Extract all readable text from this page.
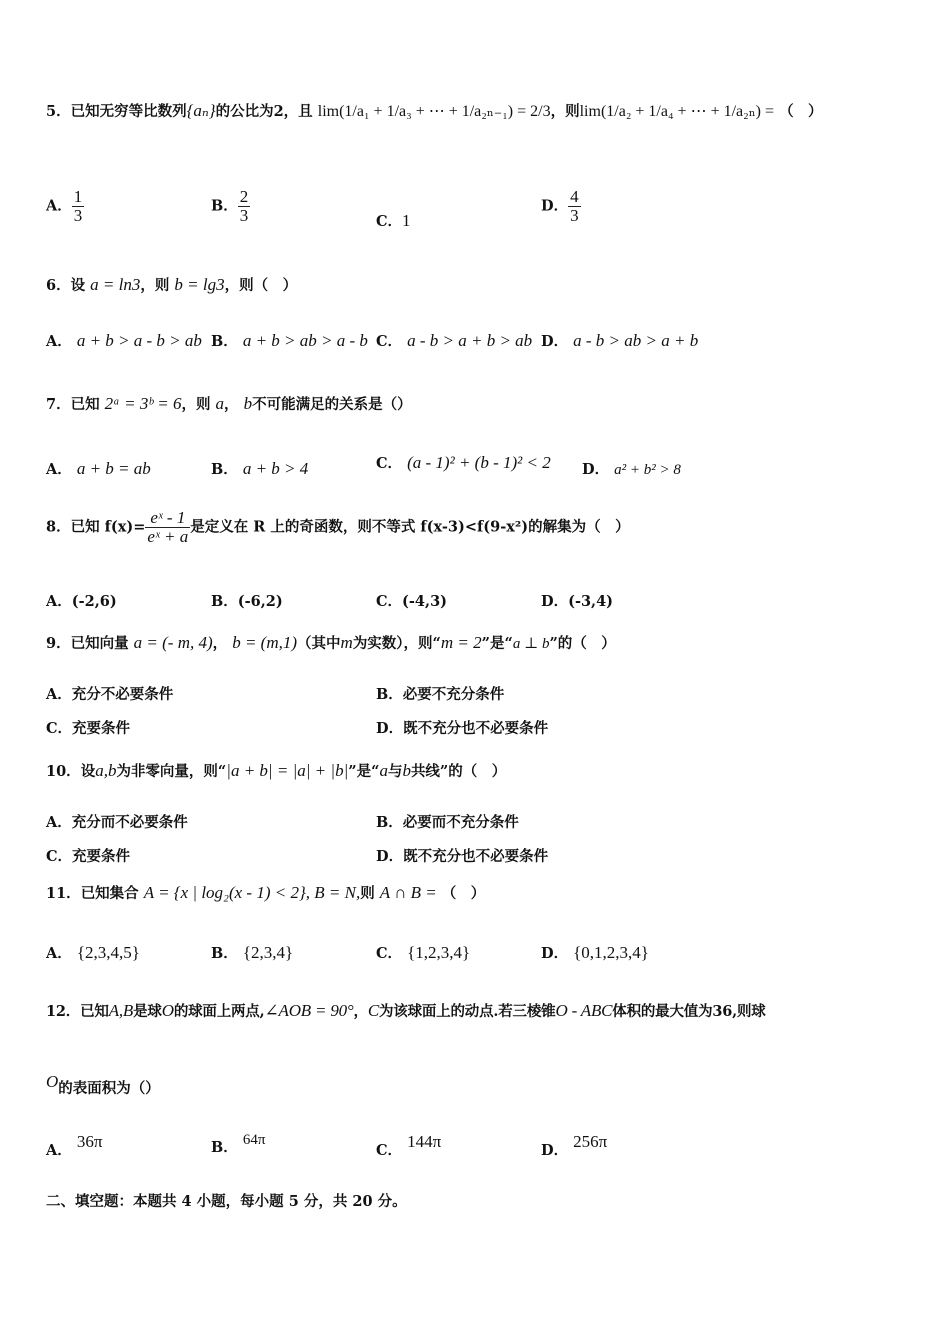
5．已知无穷等比数列{aₙ}的公比为2，且 lim(1/a₁ + 1/a₃ + ⋯ + 1/a₂ₙ₋₁) = 2/3，则lim(1/a₂ + 1/a₄ + ⋯ + 1/a₂ₙ) = （　）
A． $\frac{1}{3}$	B． $\frac{2}{3}$	C．1
D． $\frac{4}{3}$
6．设 a = ln3，则 b = lg3，则（　）
A． a + b > a - b > ab B． a + b > ab > a - b C． a - b > a + b > ab D． a - b > ab > a + b
7．已知 2ᵃ = 3ᵇ = 6，则 a， b不可能满足的关系是（）
A． a + b = ab	B． a + b > 4	C． (a - 1)² + (b - 1)² < 2 D． a² + b² > 8
8．已知 $f(x)= \frac{\text{eˣ - 1}}{\text{eˣ + a}}$ 是定义在 R 上的奇函数，则不等式 f(x-3)<f(9-x²)的解集为（　）
A．(-2,6)	B．(-6,2)	C．(-4,3)	D．(-3,4)
9．已知向量 a = (- m, 4)， b = (m,1)（其中m为实数），则“m = 2”是“a ⊥ b”的（　）
A．充分不必要条件	B．必要不充分条件
C．充要条件	D．既不充分也不必要条件
10．设a,b为非零向量，则“|a + b| = |a| + |b|”是“a与b共线”的（　）
A．充分而不必要条件	B．必要而不充分条件
C．充要条件	D．既不充分也不必要条件
11．已知集合 A = {x | log₂(x - 1) < 2}, B = N,则 A ∩ B = （　）
A． {2,3,4,5}	B． {2,3,4}	C． {1,2,3,4}	D． {0,1,2,3,4}
12．已知A,B是球O的球面上两点,∠AOB = 90°，C为该球面上的动点.若三棱锥O - ABC体积的最大值为36,则球
O的表面积为（）
A． 36π	B． 64π
C． 144π	D． 256π
二、填空题：本题共 4 小题，每小题 5 分，共 20 分。
